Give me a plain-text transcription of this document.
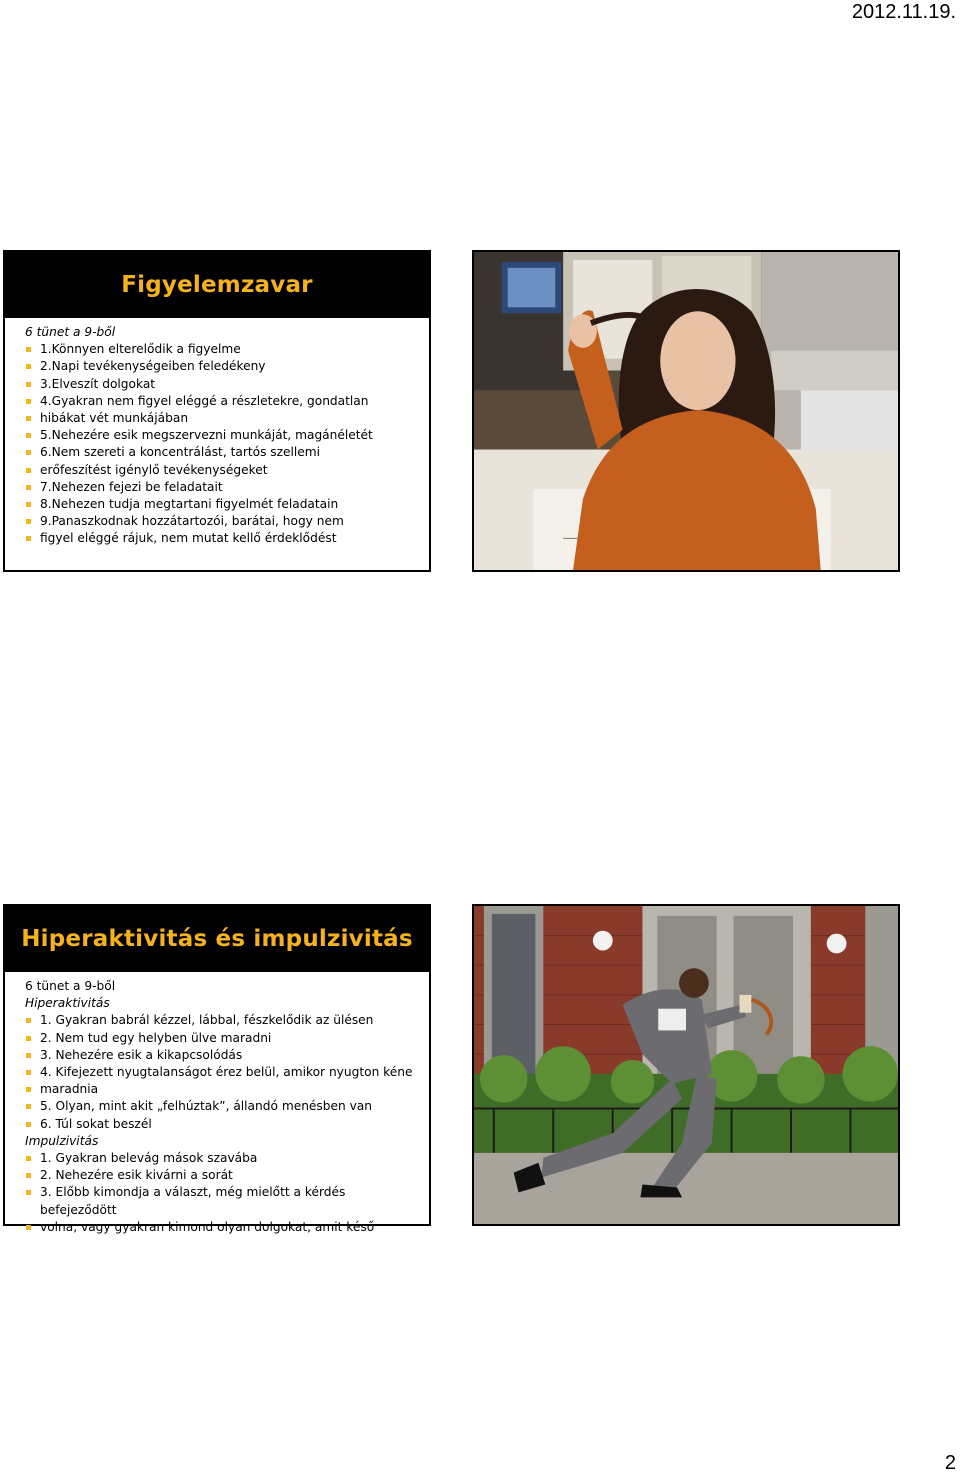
2012.11.19.
Figyelemzavar

6 tünet a 9-ből

1.Könnyen elterelődik a figyelme
2.Napi tevékenységeiben feledékeny
3.Elveszít dolgokat
4.Gyakran nem figyel eléggé a részletekre, gondatlan
hibákat vét munkájában
5.Nehezére esik megszervezni munkáját, magánéletét
6.Nem szereti a koncentrálást, tartós szellemi
erőfeszítést igénylő tevékenységeket
7.Nehezen fejezi be feladatait
8.Nehezen tudja megtartani figyelmét feladatain
9.Panaszkodnak hozzátartozói, barátai, hogy nem
figyel eléggé rájuk, nem mutat kellő érdeklődést
Hiperaktivitás és impulzivitás

6 tünet a 9-ből

Hiperaktivitás

1. Gyakran babrál kézzel, lábbal, fészkelődik az ülésen
2. Nem tud egy helyben ülve maradni
3. Nehezére esik a kikapcsolódás
4. Kifejezett nyugtalanságot érez belül, amikor nyugton kéne
maradnia
5. Olyan, mint akit „felhúztak”, állandó menésben van
6. Túl sokat beszél

Impulzivitás

1. Gyakran belevág mások szavába
2. Nehezére esik kivárni a sorát
3. Előbb kimondja a választ, még mielőtt a kérdés befejeződött
volna, vagy gyakran kimond olyan dolgokat, amit késő
2
